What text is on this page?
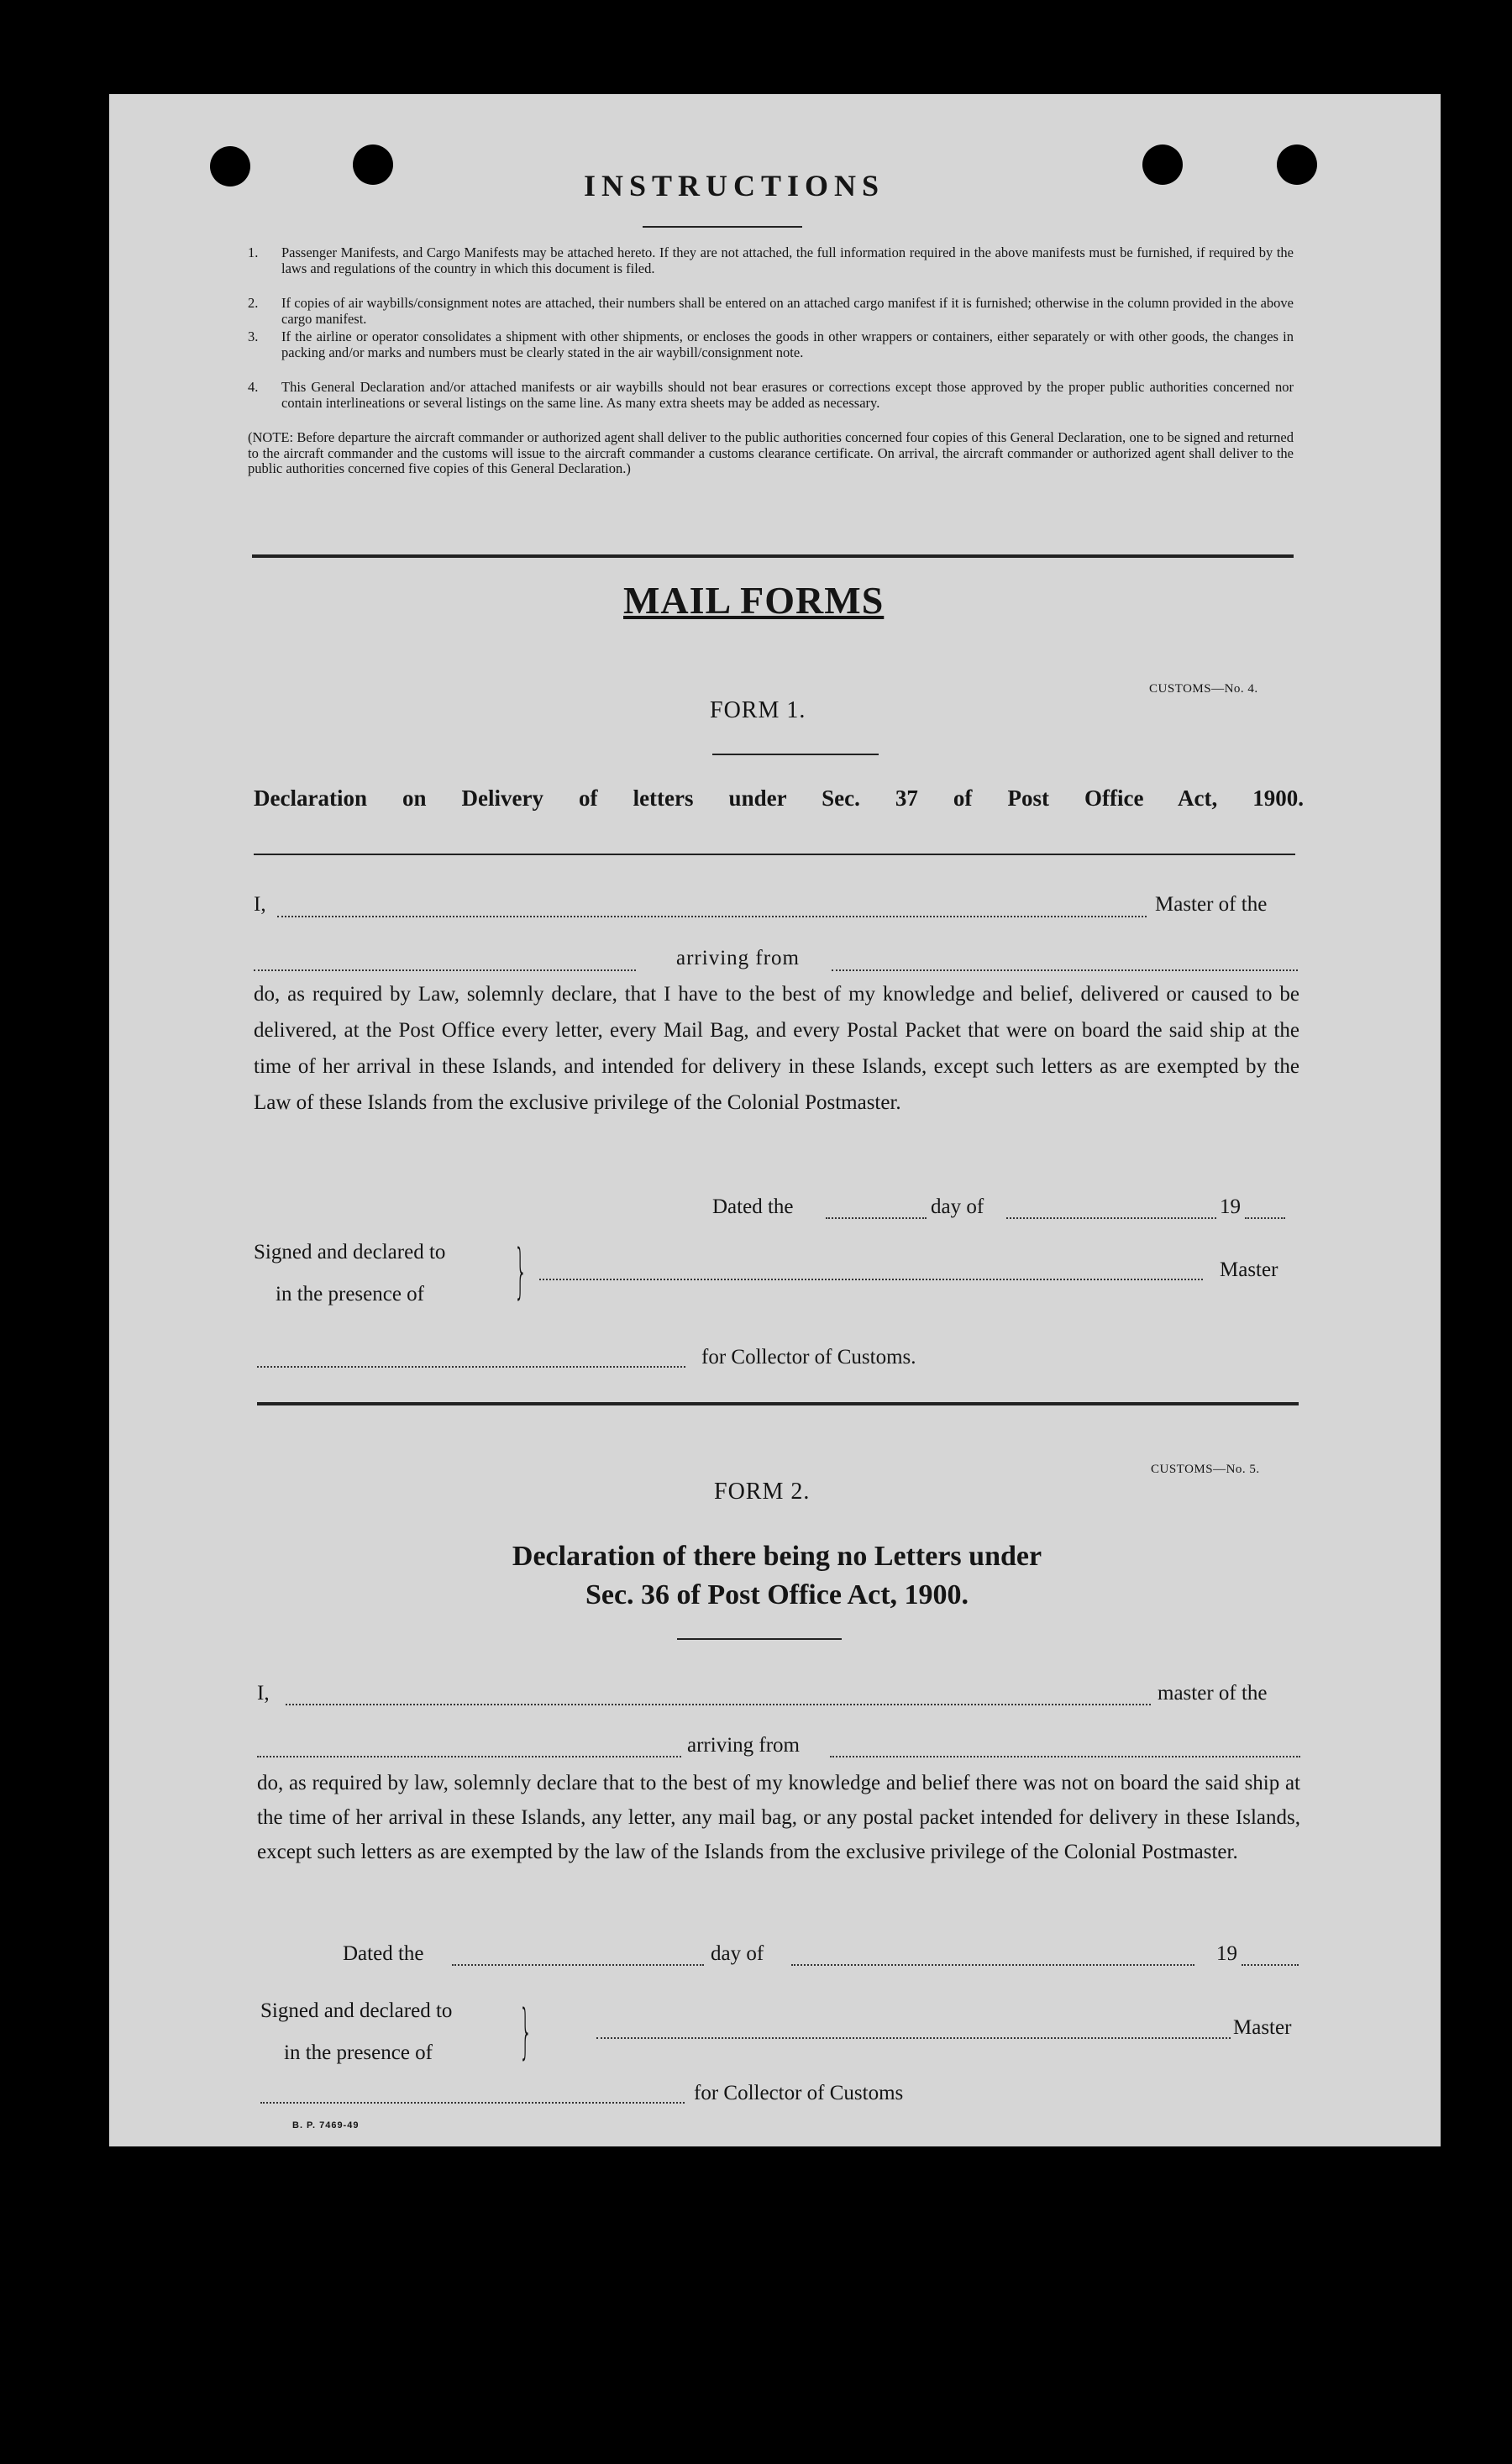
INSTRUCTIONS
1. Passenger Manifests, and Cargo Manifests may be attached hereto. If they are not attached, the full information required in the above manifests must be furnished, if required by the laws and regulations of the country in which this document is filed.
2. If copies of air waybills/consignment notes are attached, their numbers shall be entered on an attached cargo manifest if it is furnished; otherwise in the column provided in the above cargo manifest.
3. If the airline or operator consolidates a shipment with other shipments, or encloses the goods in other wrappers or containers, either separately or with other goods, the changes in packing and/or marks and numbers must be clearly stated in the air waybill/consignment note.
4. This General Declaration and/or attached manifests or air waybills should not bear erasures or corrections except those approved by the proper public authorities concerned nor contain interlineations or several listings on the same line. As many extra sheets may be added as necessary.
(NOTE: Before departure the aircraft commander or authorized agent shall deliver to the public authorities concerned four copies of this General Declaration, one to be signed and returned to the aircraft commander and the customs will issue to the aircraft commander a customs clearance certificate. On arrival, the aircraft commander or authorized agent shall deliver to the public authorities concerned five copies of this General Declaration.)
MAIL FORMS
CUSTOMS—No. 4.
FORM 1.
Declaration on Delivery of letters under Sec. 37 of Post Office Act, 1900.
I,	Master of the
arriving from
do, as required by Law, solemnly declare, that I have to the best of my knowledge and belief, delivered or caused to be delivered, at the Post Office every letter, every Mail Bag, and every Postal Packet that were on board the said ship at the time of her arrival in these Islands, and intended for delivery in these Islands, except such letters as are exempted by the Law of these Islands from the exclusive privilege of the Colonial Postmaster.
Dated the	day of	19
Signed and declared to
in the presence of }	Master
for Collector of Customs.
CUSTOMS—No. 5.
FORM 2.
Declaration of there being no Letters under
Sec. 36 of Post Office Act, 1900.
I,	master of the
arriving from
do, as required by law, solemnly declare that to the best of my knowledge and belief there was not on board the said ship at the time of her arrival in these Islands, any letter, any mail bag, or any postal packet intended for delivery in these Islands, except such letters as are exempted by the law of the Islands from the exclusive privilege of the Colonial Postmaster.
Dated the	day of	19
Signed and declared to
in the presence of }	Master
for Collector of Customs
B. P. 7469-49
